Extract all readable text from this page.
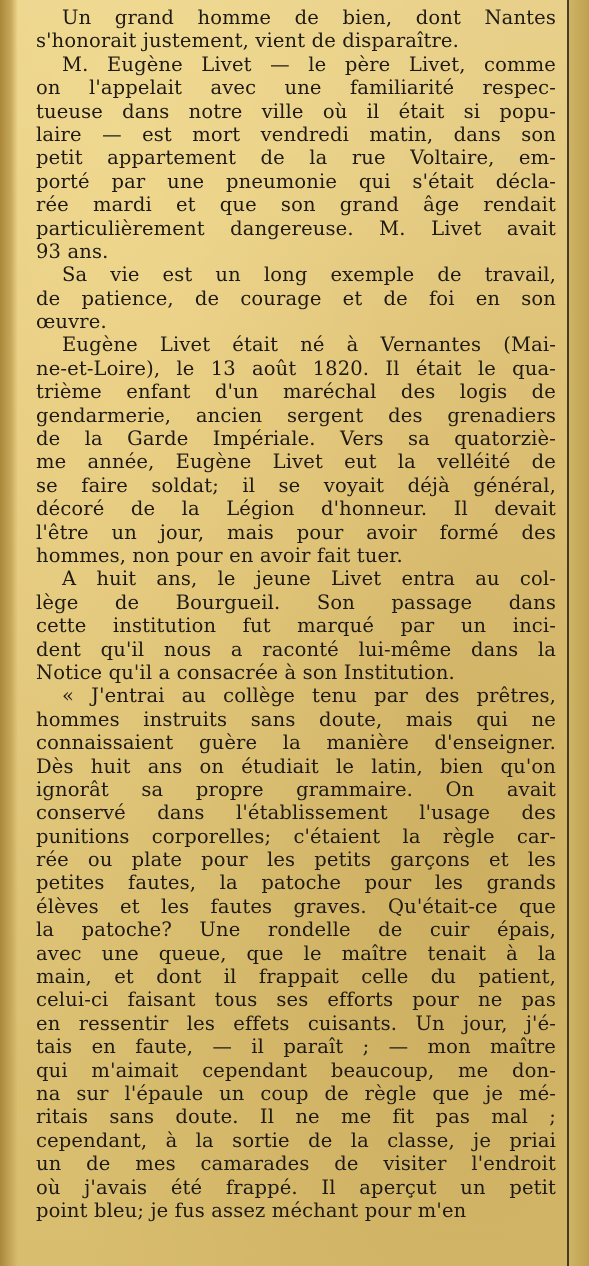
Un grand homme de bien, dont Nantes
s'honorait justement, vient de disparaître.
M. Eugène Livet — le père Livet, comme
on l'appelait avec une familiarité respec-
tueuse dans notre ville où il était si popu-
laire — est mort vendredi matin, dans son
petit appartement de la rue Voltaire, em-
porté par une pneumonie qui s'était décla-
rée mardi et que son grand âge rendait
particulièrement dangereuse. M. Livet avait
93 ans.
Sa vie est un long exemple de travail,
de patience, de courage et de foi en son
œuvre.
Eugène Livet était né à Vernantes (Mai-
ne-et-Loire), le 13 août 1820. Il était le qua-
trième enfant d'un maréchal des logis de
gendarmerie, ancien sergent des grenadiers
de la Garde Impériale. Vers sa quatorziè-
me année, Eugène Livet eut la velléité de
se faire soldat; il se voyait déjà général,
décoré de la Légion d'honneur. Il devait
l'être un jour, mais pour avoir formé des
hommes, non pour en avoir fait tuer.
A huit ans, le jeune Livet entra au col-
lège de Bourgueil. Son passage dans
cette institution fut marqué par un inci-
dent qu'il nous a raconté lui-même dans la
Notice qu'il a consacrée à son Institution.
« J'entrai au collège tenu par des prêtres,
hommes instruits sans doute, mais qui ne
connaissaient guère la manière d'enseigner.
Dès huit ans on étudiait le latin, bien qu'on
ignorât sa propre grammaire. On avait
conservé dans l'établissement l'usage des
punitions corporelles; c'étaient la règle car-
rée ou plate pour les petits garçons et les
petites fautes, la patoche pour les grands
élèves et les fautes graves. Qu'était-ce que
la patoche? Une rondelle de cuir épais,
avec une queue, que le maître tenait à la
main, et dont il frappait celle du patient,
celui-ci faisant tous ses efforts pour ne pas
en ressentir les effets cuisants. Un jour, j'é-
tais en faute, — il paraît ; — mon maître
qui m'aimait cependant beaucoup, me don-
na sur l'épaule un coup de règle que je mé-
ritais sans doute. Il ne me fit pas mal ;
cependant, à la sortie de la classe, je priai
un de mes camarades de visiter l'endroit
où j'avais été frappé. Il aperçut un petit
point bleu; je fus assez méchant pour m'en
